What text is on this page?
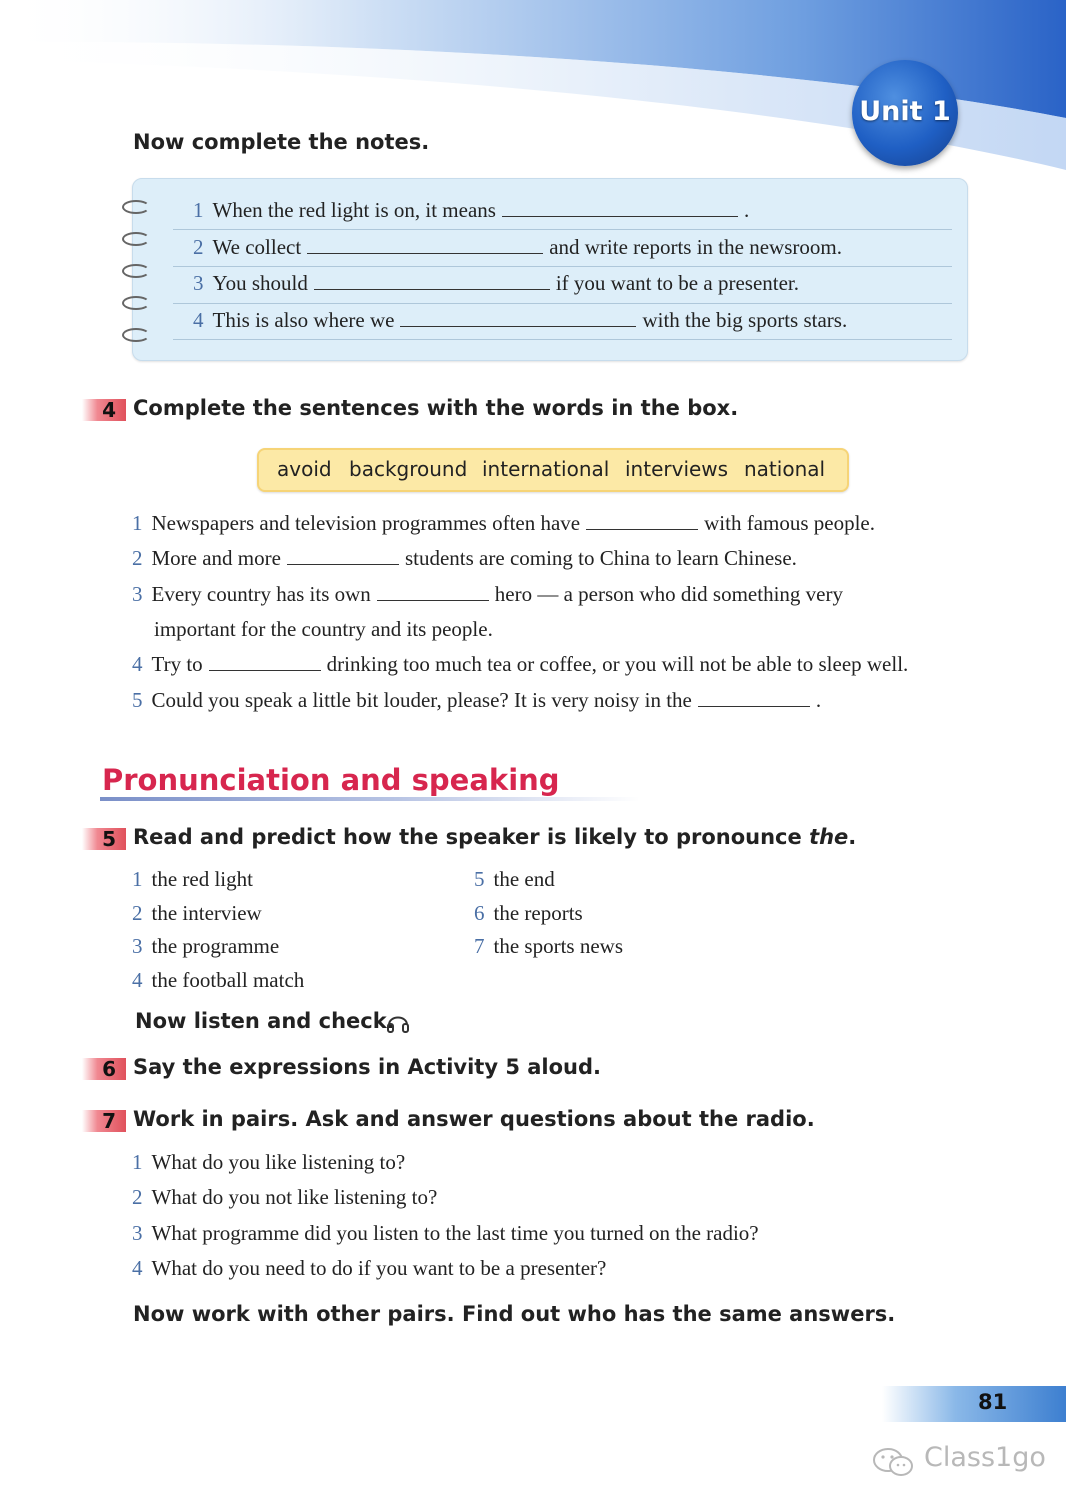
Unit 1
Now complete the notes.
1 When the red light is on, it means	.
2 We collect	and write reports in the newsroom.
3 You should	if you want to be a presenter.
4 This is also where we	with the big sports stars.
4 Complete the sentences with the words in the box.
avoid background international interviews national
1 Newspapers and television programmes often have	with famous people.
2 More and more	students are coming to China to learn Chinese.
3 Every country has its own	hero — a person who did something very
important for the country and its people.
4 Try to	drinking too much tea or coffee, or you will not be able to sleep well.
5 Could you speak a little bit louder, please? It is very noisy in the	.
Pronunciation and speaking
5 Read and predict how the speaker is likely to pronounce the.
1 the red light
2 the interview
3 the programme
4 the football match
5 the end
6 the reports
7 the sports news
Now listen and check.
6 Say the expressions in Activity 5 aloud.
7 Work in pairs. Ask and answer questions about the radio.
1 What do you like listening to?
2 What do you not like listening to?
3 What programme did you listen to the last time you turned on the radio?
4 What do you need to do if you want to be a presenter?
Now work with other pairs. Find out who has the same answers.
81
Class1go
